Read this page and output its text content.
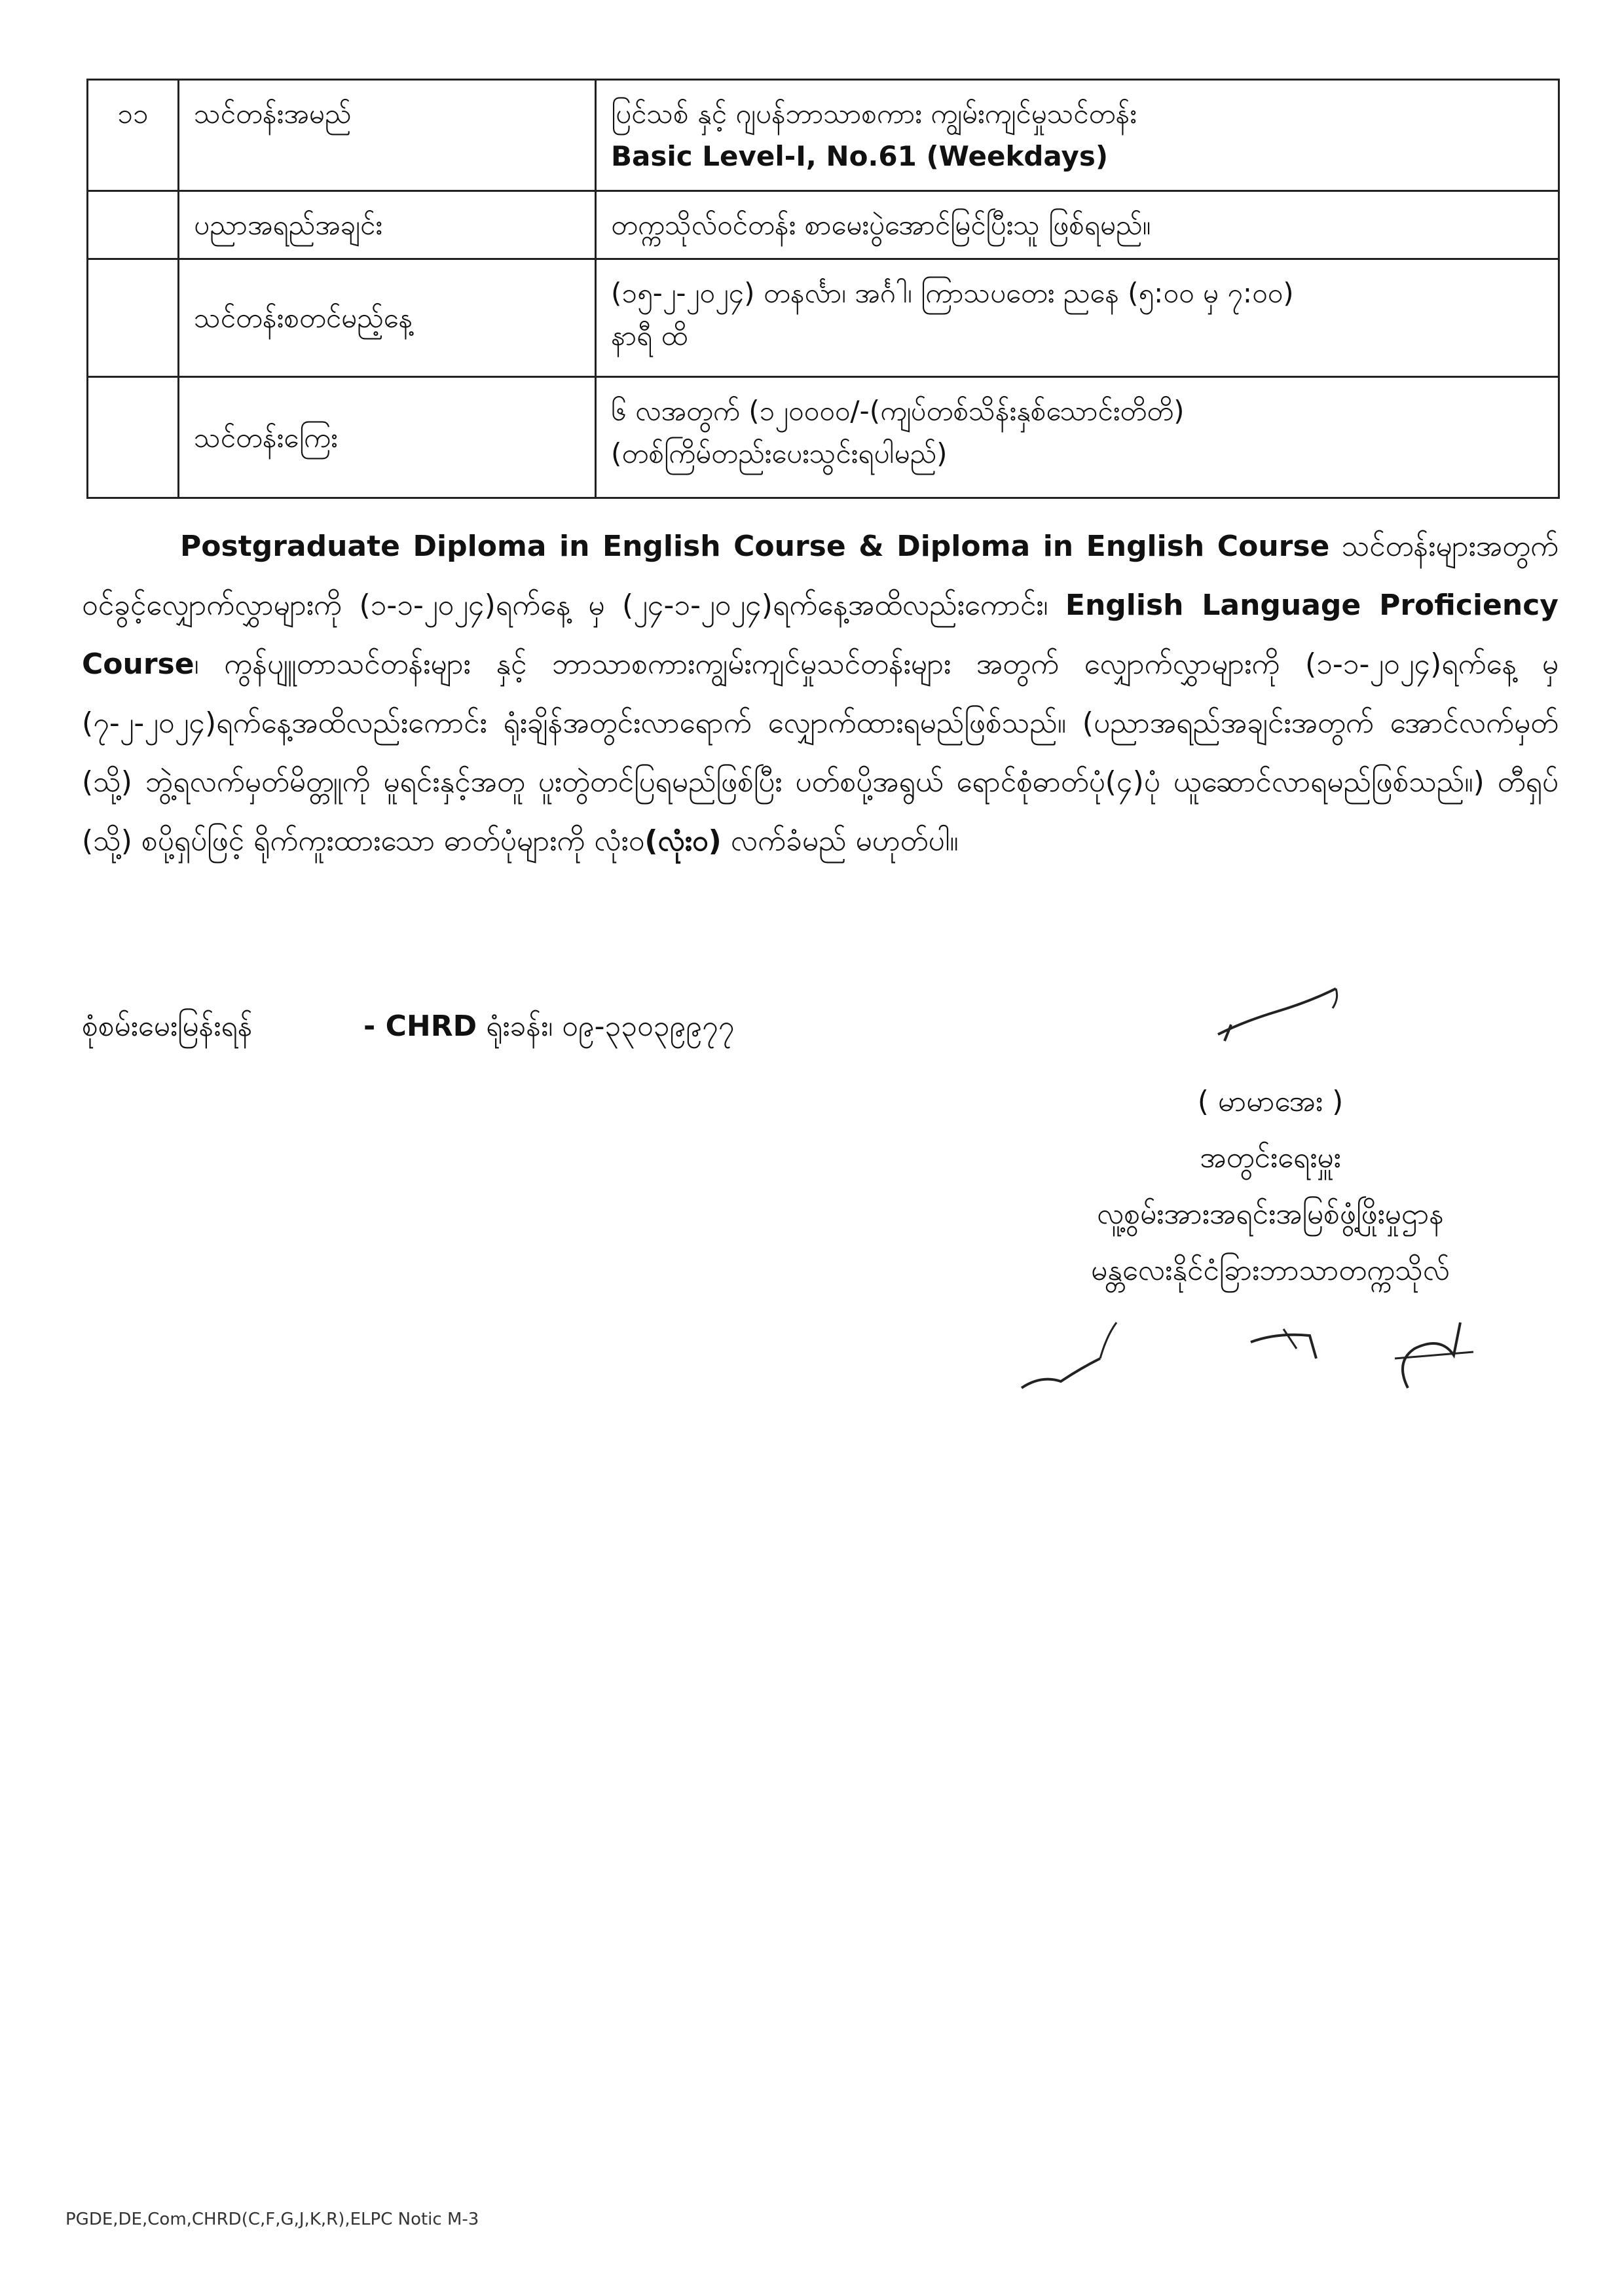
၁၁	သင်တန်းအမည်	ပြင်သစ် နှင့် ဂျပန်ဘာသာစကား ကျွမ်းကျင်မှုသင်တန်း
Basic Level-I, No.61 (Weekdays)

	ပညာအရည်အချင်း	တက္ကသိုလ်ဝင်တန်း စာမေးပွဲအောင်မြင်ပြီးသူ ဖြစ်ရမည်။
	သင်တန်းစတင်မည့်နေ့	(၁၅-၂-၂၀၂၄) တနင်္လာ၊ အင်္ဂါ၊ ကြာသပတေး ညနေ (၅:၀၀ မှ ၇:၀၀)
နာရီ ထိ

	သင်တန်းကြေး	၆ လအတွက် (၁၂၀၀၀၀/-(ကျပ်တစ်သိန်းနှစ်သောင်းတိတိ)
(တစ်ကြိမ်တည်းပေးသွင်းရပါမည်)
Postgraduate Diploma in English Course & Diploma in English Course သင်တန်းများအတွက် ဝင်ခွင့်လျှောက်လွှာများကို (၁-၁-၂၀၂၄)ရက်နေ့ မှ (၂၄-၁-၂၀၂၄)ရက်နေ့အထိလည်းကောင်း၊ English Language Proficiency Course၊ ကွန်ပျူတာသင်တန်းများ နှင့် ဘာသာစကားကျွမ်းကျင်မှုသင်တန်းများ အတွက် လျှောက်လွှာများကို (၁-၁-၂၀၂၄)ရက်နေ့ မှ (၇-၂-၂၀၂၄)ရက်နေ့အထိလည်းကောင်း ရုံးချိန်အတွင်းလာရောက် လျှောက်ထားရမည်ဖြစ်သည်။ (ပညာအရည်အချင်းအတွက် အောင်လက်မှတ် (သို့) ဘွဲ့ရလက်မှတ်မိတ္တူကို မူရင်းနှင့်အတူ ပူးတွဲတင်ပြရမည်ဖြစ်ပြီး ပတ်စပို့အရွယ် ရောင်စုံဓာတ်ပုံ(၄)ပုံ ယူဆောင်လာရမည်ဖြစ်သည်။) တီရှပ် (သို့) စပို့ရှပ်ဖြင့် ရိုက်ကူးထားသော ဓာတ်ပုံများကို လုံးဝ(လုံးဝ) လက်ခံမည် မဟုတ်ပါ။
စုံစမ်းမေးမြန်းရန်	- CHRD ရုံးခန်း၊ ၀၉-၃၃၀၃၉၉၇၇
( မာမာအေး )
အတွင်းရေးမှူး
လူ့စွမ်းအားအရင်းအမြစ်ဖွံ့ဖြိုးမှုဌာန
မန္တလေးနိုင်ငံခြားဘာသာတက္ကသိုလ်
PGDE,DE,Com,CHRD(C,F,G,J,K,R),ELPC Notic M-3
